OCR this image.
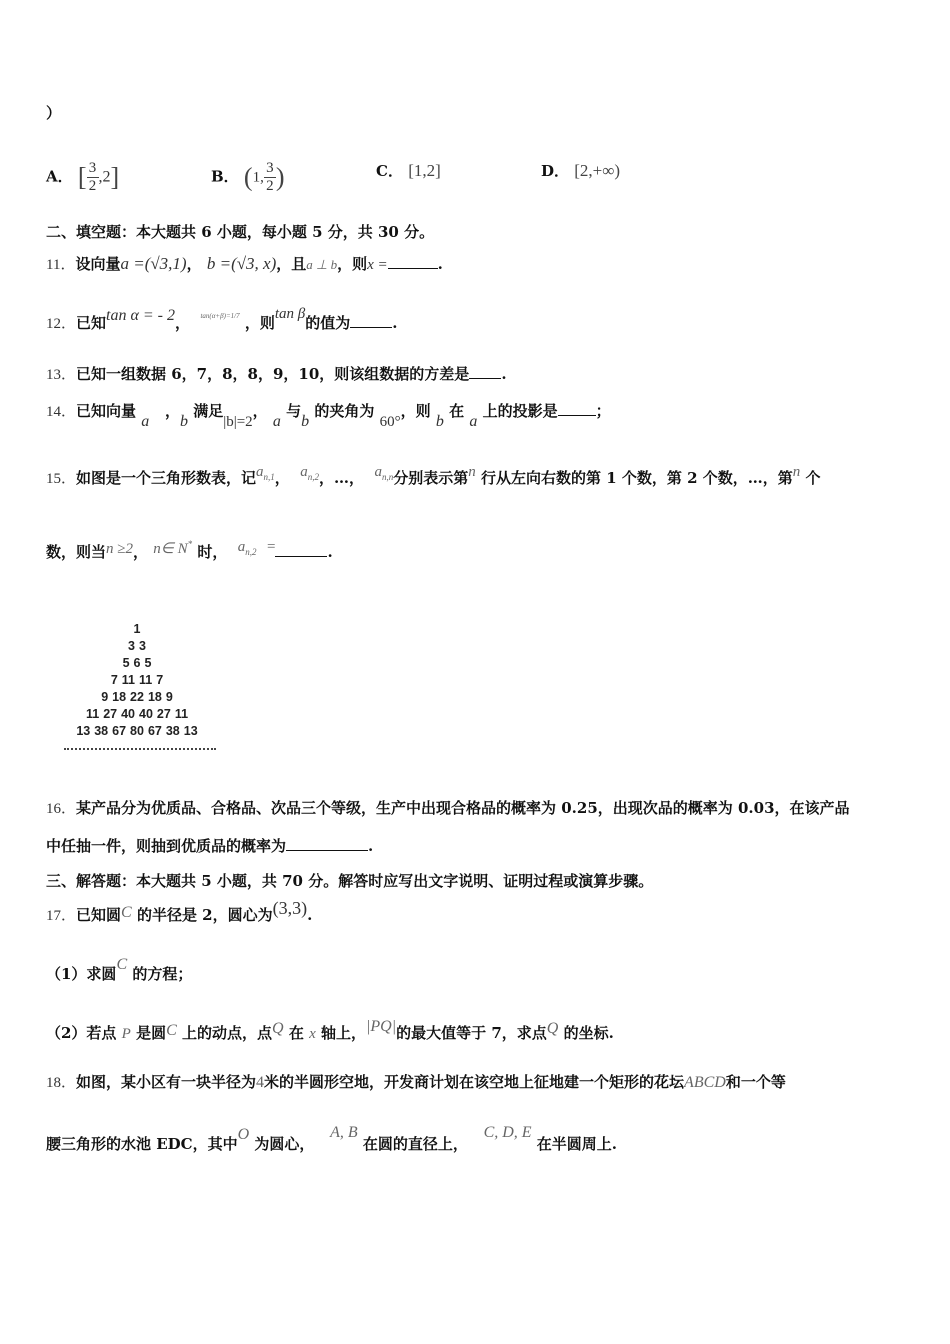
）
A． [ $\frac{3}{2} ,2$]	B． (1, $\frac{3}{2}$ )	C． [1,2]	D． [2,+∞)
二、填空题：本大题共 6 小题，每小题 5 分，共 30 分。
11．设向量a =(√3,1)， b =(√3, x)，且a ⊥ b，则x =	.
12．已知tan α = - 2， $^{tan(\alpha+\beta)=1/7}$ ，则tan β的值为	.
13．已知一组数据 6，7，8，8，9，10，则该组数据的方差是 .
14．已知向量 a   ，b 满足|b|=2， a 与b 的夹角为 60°，则 b 在 a 上的投影是	；
15．如图是一个三角形数表，记$a_{n,1}$， $a_{n,2}$，…， $a_{n,n}$分别表示第n 行从左向右数的第 1 个数，第 2 个数，…，第n 个
数，则当n ≥2， n∈ N* 时， $a_{n,2}$ =	.
1
3 3
5 6 5
7 11 11 7
9 18 22 18 9
11 27 40 40 27 11
13 38 67 80 67 38 13
16．某产品分为优质品、合格品、次品三个等级，生产中出现合格品的概率为 0.25，出现次品的概率为 0.03，在该产品
中任抽一件，则抽到优质品的概率为	.
三、解答题：本大题共 5 小题，共 70 分。解答时应写出文字说明、证明过程或演算步骤。
17．已知圆C 的半径是 2，圆心为(3,3).
（1）求圆C 的方程；
（2）若点 P 是圆C 上的动点，点Q 在 x 轴上，|PQ|的最大值等于 7，求点Q 的坐标.
18．如图，某小区有一块半径为4米的半圆形空地，开发商计划在该空地上征地建一个矩形的花坛ABCD和一个等
腰三角形的水池 EDC，其中O 为圆心，   A, B 在圆的直径上，   C, D, E 在半圆周上.
